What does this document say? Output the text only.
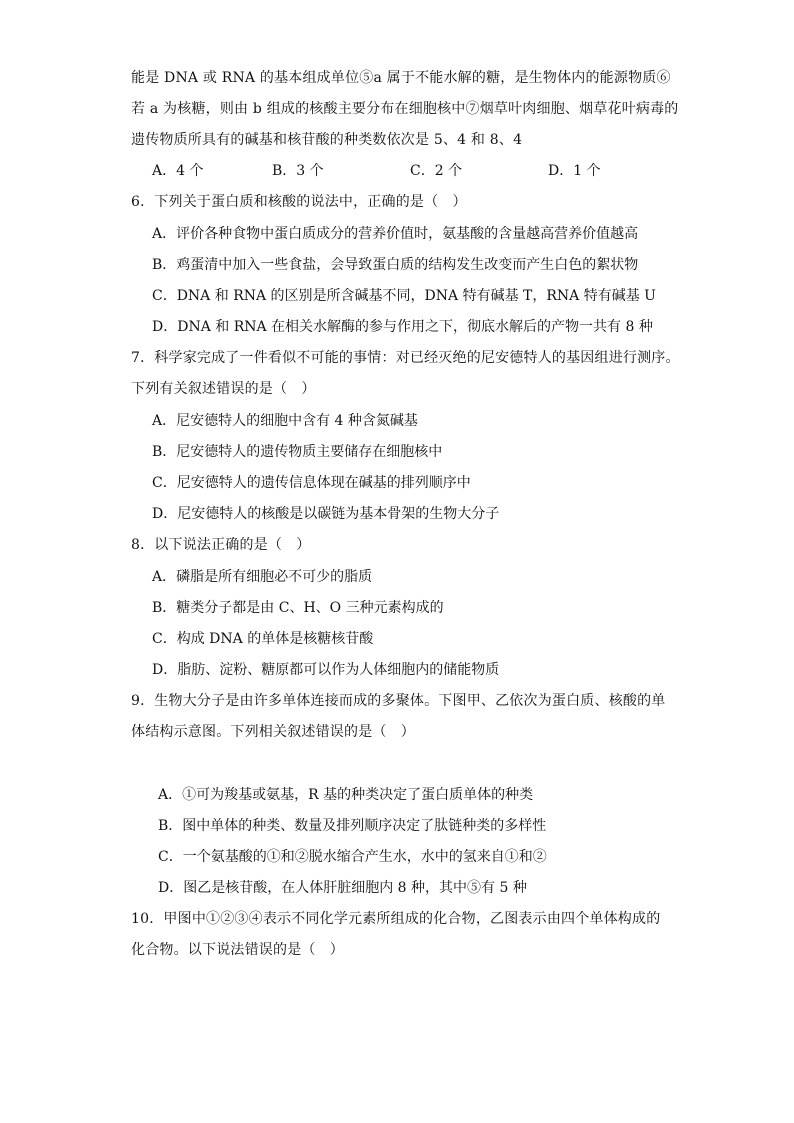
能是 DNA 或 RNA 的基本组成单位⑤a 属于不能水解的糖，是生物体内的能源物质⑥
若 a 为核糖，则由 b 组成的核酸主要分布在细胞核中⑦烟草叶肉细胞、烟草花叶病毒的
遗传物质所具有的碱基和核苷酸的种类数依次是 5、4 和 8、4
A．4 个	B．3 个	C．2 个	D．1 个
6．下列关于蛋白质和核酸的说法中，正确的是（　）
A．评价各种食物中蛋白质成分的营养价值时，氨基酸的含量越高营养价值越高
B．鸡蛋清中加入一些食盐，会导致蛋白质的结构发生改变而产生白色的絮状物
C．DNA 和 RNA 的区别是所含碱基不同，DNA 特有碱基 T，RNA 特有碱基 U
D．DNA 和 RNA 在相关水解酶的参与作用之下，彻底水解后的产物一共有 8 种
7．科学家完成了一件看似不可能的事情：对已经灭绝的尼安德特人的基因组进行测序。
下列有关叙述错误的是（　）
A．尼安德特人的细胞中含有 4 种含氮碱基
B．尼安德特人的遗传物质主要储存在细胞核中
C．尼安德特人的遗传信息体现在碱基的排列顺序中
D．尼安德特人的核酸是以碳链为基本骨架的生物大分子
8．以下说法正确的是（　）
A．磷脂是所有细胞必不可少的脂质
B．糖类分子都是由 C、H、O 三种元素构成的
C．构成 DNA 的单体是核糖核苷酸
D．脂肪、淀粉、糖原都可以作为人体细胞内的储能物质
9．生物大分子是由许多单体连接而成的多聚体。下图甲、乙依次为蛋白质、核酸的单
体结构示意图。下列相关叙述错误的是（　）
A．①可为羧基或氨基，R 基的种类决定了蛋白质单体的种类
B．图中单体的种类、数量及排列顺序决定了肽链种类的多样性
C．一个氨基酸的①和②脱水缩合产生水，水中的氢来自①和②
D．图乙是核苷酸，在人体肝脏细胞内 8 种，其中⑤有 5 种
10．甲图中①②③④表示不同化学元素所组成的化合物，乙图表示由四个单体构成的
化合物。以下说法错误的是（　）
